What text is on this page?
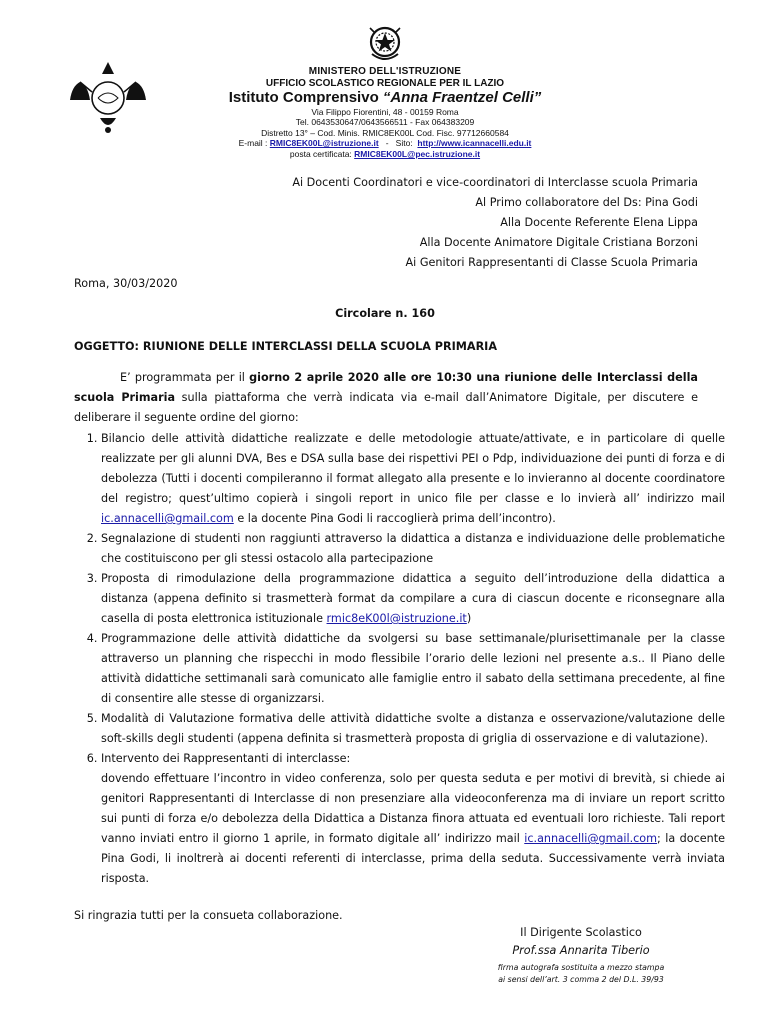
MINISTERO DELL'ISTRUZIONE
UFFICIO SCOLASTICO REGIONALE PER IL LAZIO
Istituto Comprensivo “Anna Fraentzel Celli”
Via Filippo Fiorentini, 48 - 00159 Roma
Tel. 0643530647/0643566511 - Fax 064383209
Distretto 13° – Cod. Minis. RMIC8EK00L Cod. Fisc. 97712660584
E-mail : RMIC8EK00L@istruzione.it   -   Sito:  http://www.icannacelli.edu.it
posta certificata: RMIC8EK00L@pec.istruzione.it
Ai Docenti Coordinatori e vice-coordinatori di Interclasse scuola Primaria
Al Primo collaboratore del Ds: Pina Godi
Alla Docente Referente Elena Lippa
Alla Docente Animatore Digitale Cristiana Borzoni
Ai Genitori Rappresentanti di Classe Scuola Primaria
Roma, 30/03/2020
Circolare n. 160
OGGETTO: RIUNIONE DELLE INTERCLASSI DELLA SCUOLA PRIMARIA
E’ programmata per il giorno 2 aprile 2020 alle ore 10:30 una riunione delle Interclassi della scuola Primaria sulla piattaforma che verrà indicata via e-mail dall’Animatore Digitale, per discutere e deliberare il seguente ordine del giorno:
1. Bilancio delle attività didattiche realizzate e delle metodologie attuate/attivate, e in particolare di quelle realizzate per gli alunni DVA, Bes e DSA sulla base dei rispettivi PEI o Pdp, individuazione dei punti di forza e di debolezza (Tutti i docenti compileranno il format allegato alla presente e lo invieranno al docente coordinatore del registro; quest’ultimo copierà i singoli report in unico file per classe e lo invierà all’ indirizzo mail ic.annacelli@gmail.com e la docente Pina Godi li raccoglierà prima dell’incontro).
2. Segnalazione di studenti non raggiunti attraverso la didattica a distanza e individuazione delle problematiche che costituiscono per gli stessi ostacolo alla partecipazione
3. Proposta di rimodulazione della programmazione didattica a seguito dell’introduzione della didattica a distanza (appena definito si trasmetterà format da compilare a cura di ciascun docente e riconsegnare alla casella di posta elettronica istituzionale rmic8eK00l@istruzione.it)
4. Programmazione delle attività didattiche da svolgersi su base settimanale/plurisettimanale per la classe attraverso un planning che rispecchi in modo flessibile l’orario delle lezioni nel presente a.s.. Il Piano delle attività didattiche settimanali sarà comunicato alle famiglie entro il sabato della settimana precedente, al fine di consentire alle stesse di organizzarsi.
5. Modalità di Valutazione formativa delle attività didattiche svolte a distanza e osservazione/valutazione delle soft-skills degli studenti (appena definita si trasmetterà proposta di griglia di osservazione e di valutazione).
6. Intervento dei Rappresentanti di interclasse:
dovendo effettuare l’incontro in video conferenza, solo per questa seduta e per motivi di brevità, si chiede ai genitori Rappresentanti di Interclasse di non presenziare alla videoconferenza ma di inviare un report scritto sui punti di forza e/o debolezza della Didattica a Distanza finora attuata ed eventuali loro richieste. Tali report vanno inviati entro il giorno 1 aprile, in formato digitale all’ indirizzo mail ic.annacelli@gmail.com; la docente Pina Godi, li inoltrerà ai docenti referenti di interclasse, prima della seduta. Successivamente verrà inviata risposta.
Si ringrazia tutti per la consueta collaborazione.
Il Dirigente Scolastico
Prof.ssa Annarita Tiberio
firma autografa sostituita a mezzo stampa
ai sensi dell’art. 3 comma 2 del D.L. 39/93
